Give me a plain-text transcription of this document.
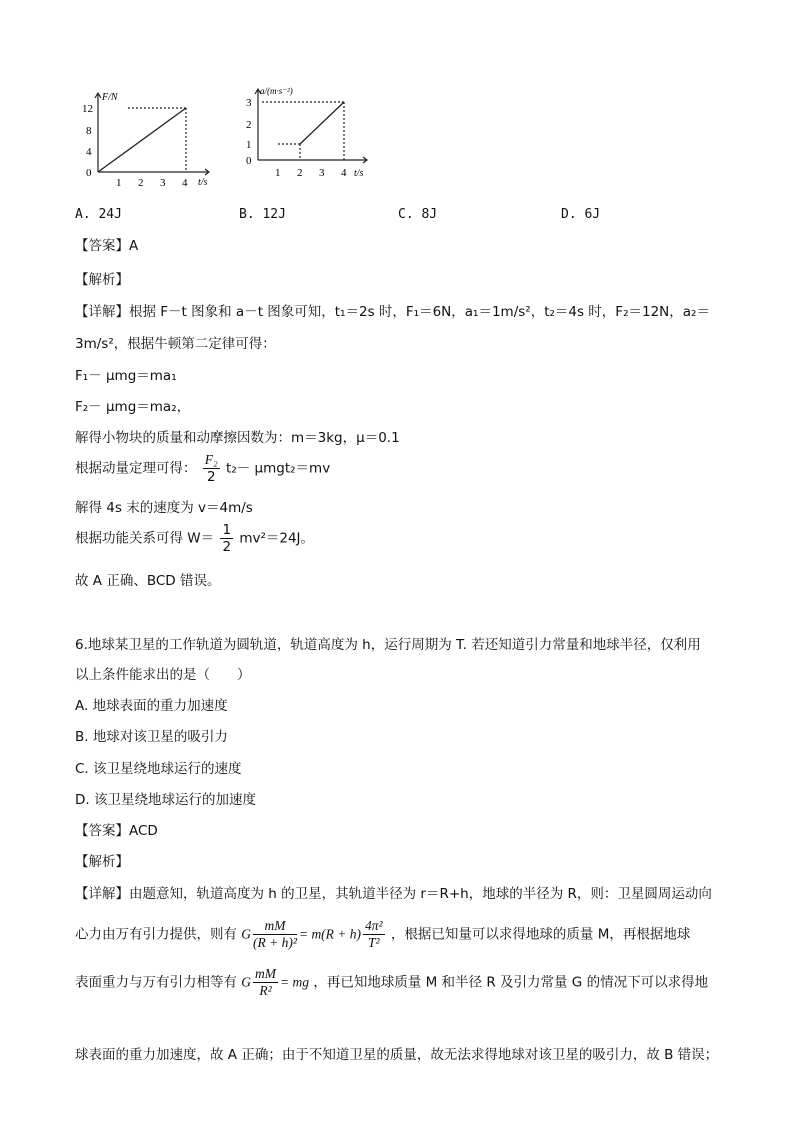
F/N
t/s
12
8
4
0
1 2 3 4
a/(m·s⁻²)
t/s
3
2
1
0
1 2 3 4
A. 24J	B. 12J	C. 8J	D. 6J
【答案】A
【解析】
【详解】根据 F－t 图象和 a－t 图象可知，t₁＝2s 时，F₁＝6N，a₁＝1m/s²，t₂＝4s 时，F₂＝12N，a₂＝
3m/s²，根据牛顿第二定律可得：
F₁－ μmg＝ma₁
F₂－ μmg＝ma₂，
解得小物块的质量和动摩擦因数为：m＝3kg，μ＝0.1
根据动量定理可得： $\frac{\text{F₂}}{2} t_2- \mu mgt_2=mv$
解得 4s 末的速度为 v＝4m/s
根据功能关系可得 $W= \frac{1}{2} mv^2=24J$。
故 A 正确、BCD 错误。
6.地球某卫星的工作轨道为圆轨道，轨道高度为 h，运行周期为 T. 若还知道引力常量和地球半径，仅利用
以上条件能求出的是（　　）
A. 地球表面的重力加速度
B. 地球对该卫星的吸引力
C. 该卫星绕地球运行的速度
D. 该卫星绕地球运行的加速度
【答案】ACD
【解析】
【详解】由题意知，轨道高度为 h 的卫星，其轨道半径为 r＝R+h，地球的半径为 R，则：卫星圆周运动向
心力由万有引力提供，则有 G $\frac{mM}{\text{(R + h)²}} = m(R + h) \frac{\text{4π²}}{\text{T²}}$ ，根据已知量可以求得地球的质量 M，再根据地球
表面重力与万有引力相等有 G $\frac{mM}{\text{R²}}$ = mg ，再已知地球质量 M 和半径 R 及引力常量 G 的情况下可以求得地
球表面的重力加速度，故 A 正确；由于不知道卫星的质量，故无法求得地球对该卫星的吸引力，故 B 错误；
